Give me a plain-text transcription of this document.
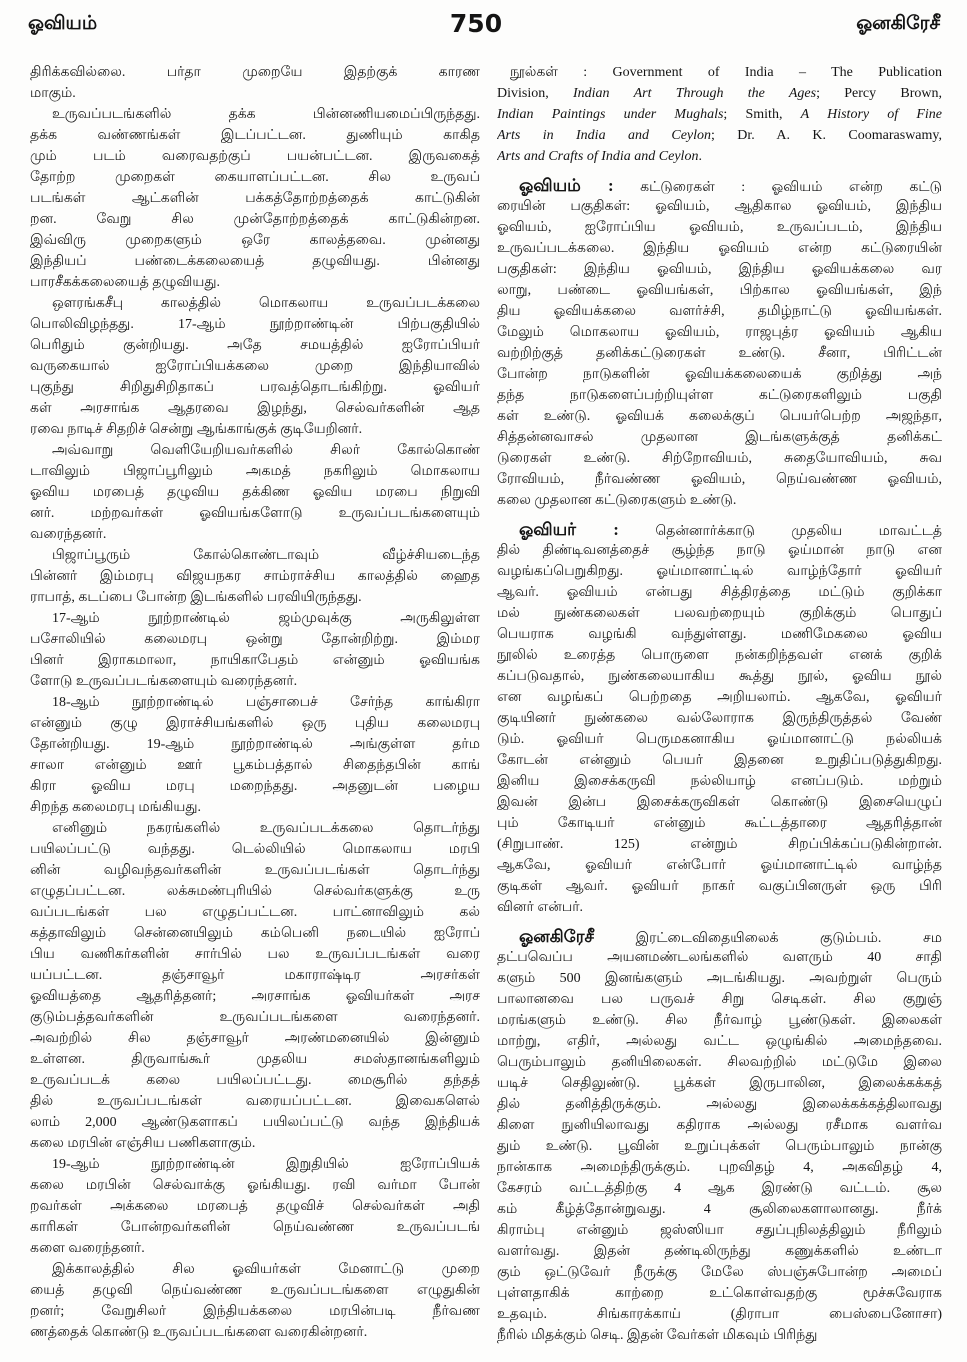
ஓவியம்	750	ஓனகிரேசீ
திரிக்கவில்லை. பர்தா முறையே இதற்குக் காரண
மாகும்.
உருவப்படங்களில் தக்க பின்னணியமைப்பிருந்தது.
தக்க வண்ணங்கள் இடப்பட்டன. துணியும் காகித
மும் படம் வரைவதற்குப் பயன்பட்டன. இருவகைத்
தோற்ற முறைகள் கையாளப்பட்டன. சில உருவப்
படங்கள் ஆட்களின் பக்கத்தோற்றத்தைக் காட்டுகின்
றன. வேறு சில முன்தோற்றத்தைக் காட்டுகின்றன.
இவ்விரு முறைகளும் ஒரே காலத்தவை. முன்னது
இந்தியப் பண்டைக்கலையைத் தழுவியது. பின்னது
பாரசீகக்கலையைத் தழுவியது.
ஒளரங்கசீபு காலத்தில் மொகலாய உருவப்படக்கலை
பொலிவிழந்தது. 17-ஆம் நூற்றாண்டின் பிற்பகுதியில்
பெரிதும் குன்றியது. அதே சமயத்தில் ஐரோப்பியர்
வருகையால் ஐரோப்பியக்கலை முறை இந்தியாவில்
புகுந்து சிறிதுசிறிதாகப் பரவத்தொடங்கிற்று. ஓவியர்
கள் அரசாங்க ஆதரவை இழந்து, செல்வர்களின் ஆத
ரவை நாடிச் சிதறிச் சென்று ஆங்காங்குக் குடியேறினர்.
அவ்வாறு வெளியேறியவர்களில் சிலர் கோல்கொண்
டாவிலும் பிஜாப்பூரிலும் அகமத் நகரிலும் மொகலாய
ஓவிய மரபைத் தழுவிய தக்கிண ஓவிய மரபை நிறுவி
னர். மற்றவர்கள் ஓவியங்களோடு உருவப்படங்களையும்
வரைந்தனர்.
பிஜாப்பூரும் கோல்கொண்டாவும் வீழ்ச்சியடைந்த
பின்னர் இம்மரபு விஜயநகர சாம்ராச்சிய காலத்தில் ஹைத
ராபாத், கடப்பை போன்ற இடங்களில் பரவியிருந்தது.
17-ஆம் நூற்றாண்டில் ஜம்முவுக்கு அருகிலுள்ள
பசோலியில் கலைமரபு ஒன்று தோன்றிற்று. இம்மர
பினர் இராகமாலா, நாயிகாபேதம் என்னும் ஓவியங்க
ளோடு உருவப்படங்களையும் வரைந்தனர்.
18-ஆம் நூற்றாண்டில் பஞ்சாபைச் சேர்ந்த காங்கிரா
என்னும் குழு இராச்சியங்களில் ஒரு புதிய கலைமரபு
தோன்றியது. 19-ஆம் நூற்றாண்டில் அங்குள்ள தர்ம
சாலா என்னும் ஊர் பூகம்பத்தால் சிதைந்தபின் காங்
கிரா ஓவிய மரபு மறைந்தது. அதனுடன் பழைய
சிறந்த கலைமரபு மங்கியது.
எனினும் நகரங்களில் உருவப்படக்கலை தொடர்ந்து
பயிலப்பட்டு வந்தது. டெல்லியில் மொகலாய மரபி
னின் வழிவந்தவர்களின் உருவப்படங்கள் தொடர்ந்து
எழுதப்பட்டன. லக்சுமண்புரியில் செல்வர்களுக்கு உரு
வப்படங்கள் பல எழுதப்பட்டன. பாட்னாவிலும் கல்
கத்தாவிலும் சென்னையிலும் கம்பெனி நடையில் ஐரோப்
பிய வணிகர்களின் சார்பில் பல உருவப்படங்கள் வரை
யப்பட்டன. தஞ்சாவூர் மகாராஷ்டிர அரசர்கள்
ஓவியத்தை ஆதரித்தனர்; அரசாங்க ஓவியர்கள் அரச
குடும்பத்தவர்களின் உருவப்படங்களை வரைந்தனர்.
அவற்றில் சில தஞ்சாவூர் அரண்மனையில் இன்னும்
உள்ளன. திருவாங்கூர் முதலிய சமஸ்தானங்களிலும்
உருவப்படக் கலை பயிலப்பட்டது. மைசூரில் தந்தத்
தில் உருவப்படங்கள் வரையப்பட்டன. இவைகளெல்
லாம் 2,000 ஆண்டுகளாகப் பயிலப்பட்டு வந்த இந்தியக்
கலை மரபின் எஞ்சிய பணிகளாகும்.
19-ஆம் நூற்றாண்டின் இறுதியில் ஐரோப்பியக்
கலை மரபின் செல்வாக்கு ஓங்கியது. ரவி வர்மா போன்
றவர்கள் அக்கலை மரபைத் தழுவிச் செல்வர்கள் அதி
காரிகள் போன்றவர்களின் நெய்வண்ண உருவப்படங்
களை வரைந்தனர்.
இக்காலத்தில் சில ஓவியர்கள் மேனாட்டு முறை
யைத் தழுவி நெய்வண்ண உருவப்படங்களை எழுதுகின்
றனர்; வேறுசிலர் இந்தியக்கலை மரபின்படி நீர்வண
ணத்தைக் கொண்டு உருவப்படங்களை வரைகின்றனர்.
நூல்கள் : Government of India – The Publication
Division, Indian Art Through the Ages; Percy Brown,
Indian Paintings under Mughals; Smith, A History of Fine
Arts in India and Ceylon; Dr. A. K. Coomaraswamy,
Arts and Crafts of India and Ceylon.
ஓவியம் : கட்டுரைகள் : ஓவியம் என்ற கட்டு
ரையின் பகுதிகள்: ஓவியம், ஆதிகால ஓவியம், இந்திய
ஓவியம், ஐரோப்பிய ஓவியம், உருவப்படம், இந்திய
உருவப்படக்கலை. இந்திய ஓவியம் என்ற கட்டுரையின்
பகுதிகள்: இந்திய ஓவியம், இந்திய ஓவியக்கலை வர
லாறு, பண்டை ஓவியங்கள், பிற்கால ஓவியங்கள், இந்
திய ஓவியக்கலை வளர்ச்சி, தமிழ்நாட்டு ஓவியங்கள்.
மேலும் மொகலாய ஓவியம், ராஜபுத்ர ஓவியம் ஆகிய
வற்றிற்குத் தனிக்கட்டுரைகள் உண்டு. சீனா, பிரிட்டன்
போன்ற நாடுகளின் ஓவியக்கலையைக் குறித்து அந்
தந்த நாடுகளைப்பற்றியுள்ள கட்டுரைகளிலும் பகுதி
கள் உண்டு. ஓவியக் கலைக்குப் பெயர்பெற்ற அஜந்தா,
சித்தன்னவாசல் முதலான இடங்களுக்குத் தனிக்கட்
டுரைகள் உண்டு. சிற்றோவியம், சுதையோவியம், சுவ
ரோவியம், நீர்வண்ண ஓவியம், நெய்வண்ண ஓவியம்,
கலை முதலான கட்டுரைகளும் உண்டு.
ஓவியர் : தென்னார்க்காடு முதலிய மாவட்டத்
தில் திண்டிவனத்தைச் சூழ்ந்த நாடு ஓய்மான் நாடு என
வழங்கப்பெறுகிறது. ஓய்மானாட்டில் வாழ்ந்தோர் ஓவியர்
ஆவர். ஓவியம் என்பது சித்திரத்தை மட்டும் குறிக்கா
மல் நுண்கலைகள் பலவற்றையும் குறிக்கும் பொதுப்
பெயராக வழங்கி வந்துள்ளது. மணிமேகலை ஓவிய
நூலில் உரைத்த பொருளை நன்கறிந்தவள் எனக் குறிக்
கப்படுவதால், நுண்கலையாகிய கூத்து நூல், ஓவிய நூல்
என வழங்கப் பெற்றதை அறியலாம். ஆகவே, ஓவியர்
குடியினர் நுண்கலை வல்லோராக இருந்திருத்தல் வேண்
டும். ஓவியர் பெருமகனாகிய ஓய்மானாட்டு நல்லியக்
கோடன் என்னும் பெயர் இதனை உறுதிப்படுத்துகிறது.
இனிய இசைக்கருவி நல்லியாழ் எனப்படும். மற்றும்
இவன் இன்ப இசைக்கருவிகள் கொண்டு இசையெழுப்
பும் கோடியர் என்னும் கூட்டத்தாரை ஆதரித்தான்
(சிறுபாண். 125) என்றும் சிறப்பிக்கப்படுகின்றான்.
ஆகவே, ஓவியர் என்போர் ஓய்மானாட்டில் வாழ்ந்த
குடிகள் ஆவர். ஓவியர் நாகர் வகுப்பினருள் ஒரு பிரி
வினர் என்பர்.
ஓனகிரேசீ இரட்டைவிதையிலைக் குடும்பம். சம
தட்பவெப்ப அயனமண்டலங்களில் வளரும் 40 சாதி
களும் 500 இனங்களும் அடங்கியது. அவற்றுள் பெரும்
பாலானவை பல பருவச் சிறு செடிகள். சில குறுஞ்
மரங்களும் உண்டு. சில நீர்வாழ் பூண்டுகள். இலைகள்
மாற்று, எதிர், அல்லது வட்ட ஒழுங்கில் அமைந்தவை.
பெரும்பாலும் தனியிலைகள். சிலவற்றில் மட்டுமே இலை
யடிச் செதிலுண்டு. பூக்கள் இருபாலின, இலைக்கக்கத்
தில் தனித்திருக்கும். அல்லது இலைக்கக்கத்திலாவது
கிளை நுனியிலாவது கதிராக அல்லது ரசீமாக வளர்வ
தும் உண்டு. பூவின் உறுப்புக்கள் பெரும்பாலும் நான்கு
நான்காக அமைந்திருக்கும். புறவிதழ் 4, அகவிதழ் 4,
கேசரம் வட்டத்திற்கு 4 ஆக இரண்டு வட்டம். சூல
கம் கீழ்த்தோன்றுவது. 4 சூலிலைகளாலானது. நீர்க்
கிராம்பு என்னும் ஜஸ்ஸியா சதுப்புநிலத்திலும் நீரிலும்
வளர்வது. இதன் தண்டிலிருந்து கணுக்களில் உண்டா
கும் ஒட்டுவேர் நீருக்கு மேலே ஸ்பஞ்சுபோன்ற அமைப்
புள்ளதாகிக் காற்றை உட்கொள்வதற்கு மூச்சுவேராக
உதவும். சிங்காரக்காய் (திராபா பைஸ்பைனோசா)
நீரில் மிதக்கும் செடி. இதன் வேர்கள் மிகவும் பிரிந்து
